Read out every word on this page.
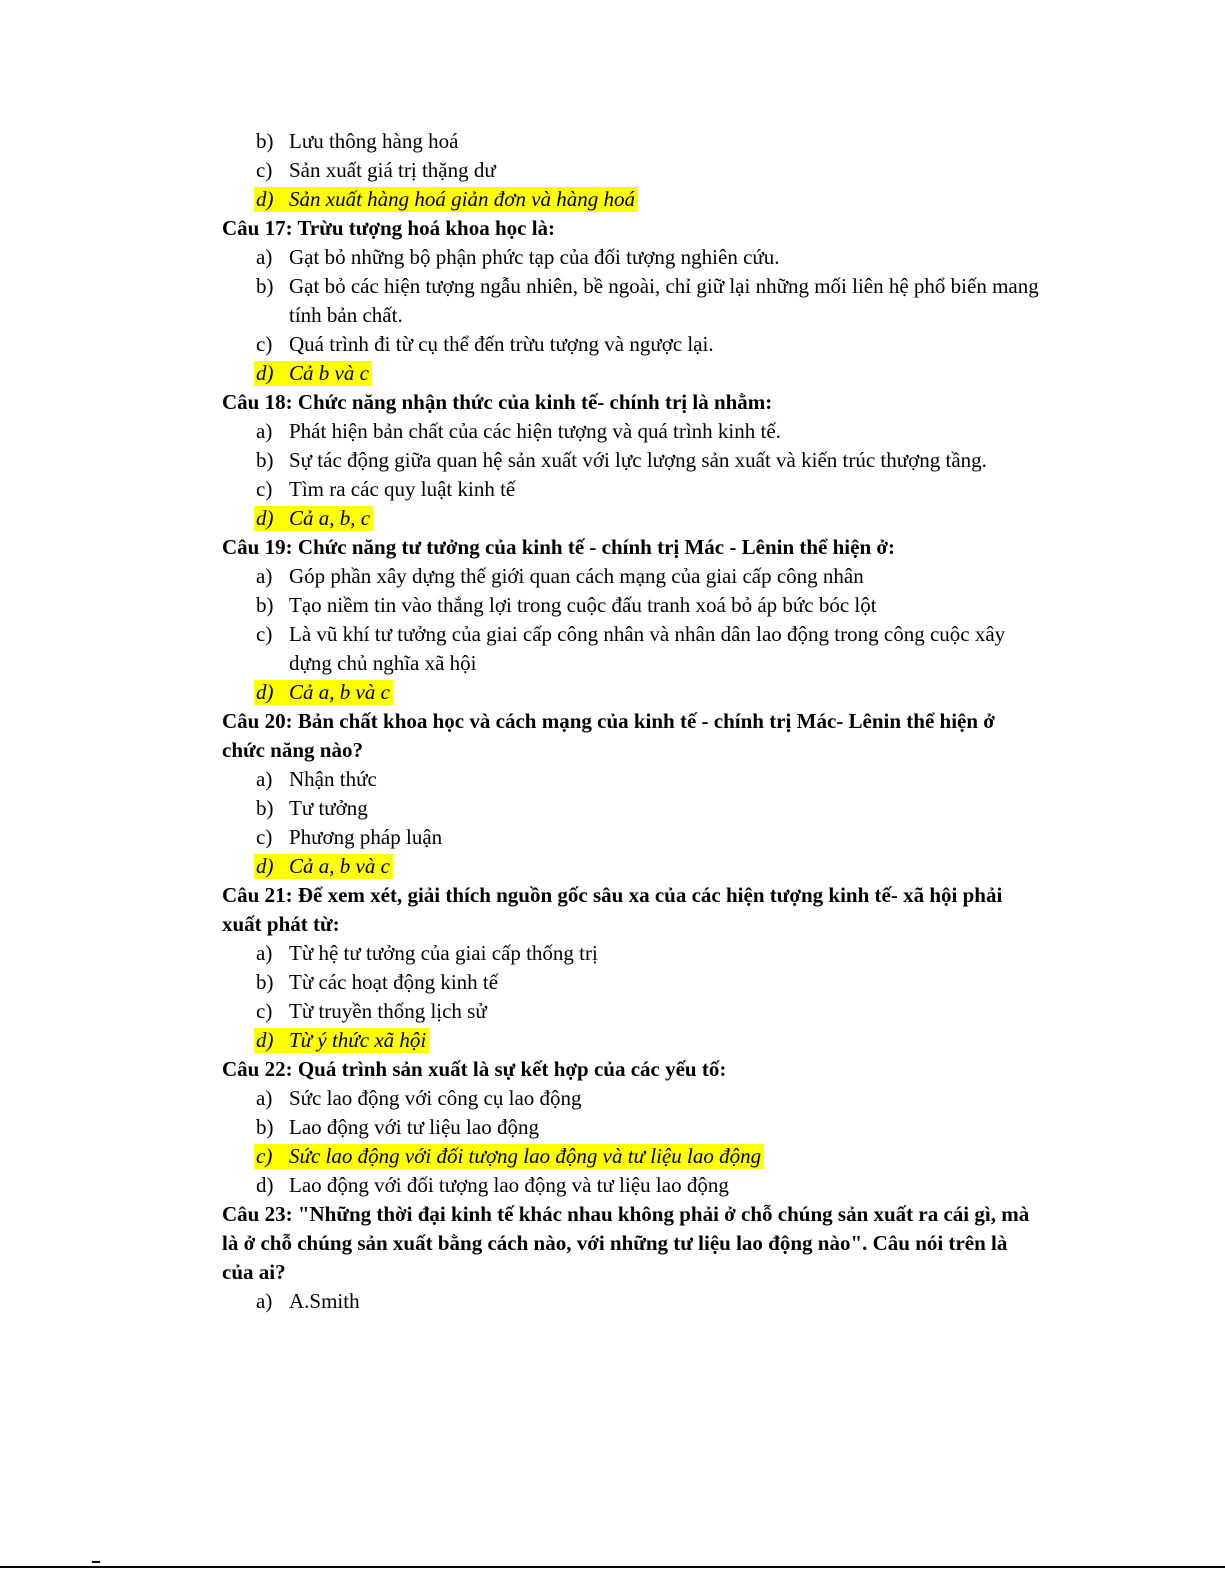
b) Lưu thông hàng hoá
c) Sản xuất giá trị thặng dư
d) Sản xuất hàng hoá giản đơn và hàng hoá
Câu 17: Trừu tượng hoá khoa học là:
a) Gạt bỏ những bộ phận phức tạp của đối tượng nghiên cứu.
b) Gạt bỏ các hiện tượng ngẫu nhiên, bề ngoài, chỉ giữ lại những mối liên hệ phổ biến mang
tính bản chất.
c) Quá trình đi từ cụ thể đến trừu tượng và ngược lại.
d) Cả b và c
Câu 18: Chức năng nhận thức của kinh tế- chính trị là nhằm:
a) Phát hiện bản chất của các hiện tượng và quá trình kinh tế.
b) Sự tác động giữa quan hệ sản xuất với lực lượng sản xuất và kiến trúc thượng tầng.
c) Tìm ra các quy luật kinh tế
d) Cả a, b, c
Câu 19: Chức năng tư tưởng của kinh tế - chính trị Mác - Lênin thể hiện ở:
a) Góp phần xây dựng thế giới quan cách mạng của giai cấp công nhân
b) Tạo niềm tin vào thắng lợi trong cuộc đấu tranh xoá bỏ áp bức bóc lột
c) Là vũ khí tư tưởng của giai cấp công nhân và nhân dân lao động trong công cuộc xây
dựng chủ nghĩa xã hội
d) Cả a, b và c
Câu 20: Bản chất khoa học và cách mạng của kinh tế - chính trị Mác- Lênin thể hiện ở
chức năng nào?
a) Nhận thức
b) Tư tưởng
c) Phương pháp luận
d) Cả a, b và c
Câu 21: Để xem xét, giải thích nguồn gốc sâu xa của các hiện tượng kinh tế- xã hội phải
xuất phát từ:
a) Từ hệ tư tưởng của giai cấp thống trị
b) Từ các hoạt động kinh tế
c) Từ truyền thống lịch sử
d) Từ ý thức xã hội
Câu 22: Quá trình sản xuất là sự kết hợp của các yếu tố:
a) Sức lao động với công cụ lao động
b) Lao động với tư liệu lao động
c) Sức lao động với đối tượng lao động và tư liệu lao động
d) Lao động với đối tượng lao động và tư liệu lao động
Câu 23: "Những thời đại kinh tế khác nhau không phải ở chỗ chúng sản xuất ra cái gì, mà
là ở chỗ chúng sản xuất bằng cách nào, với những tư liệu lao động nào". Câu nói trên là
của ai?
a) A.Smith
